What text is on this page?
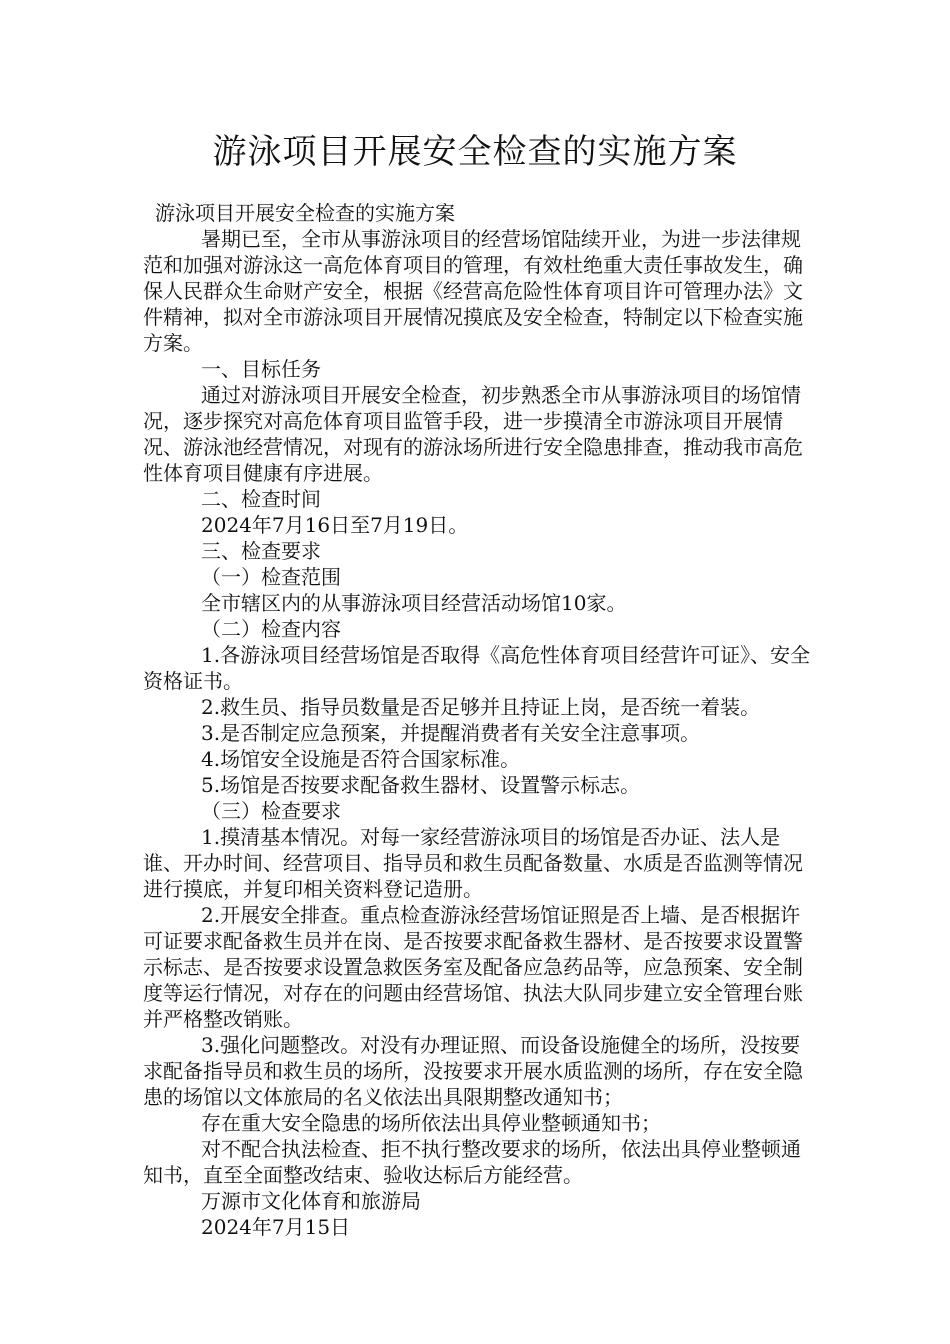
游泳项目开展安全检查的实施方案

游泳项目开展安全检查的实施方案

暑期已至，全市从事游泳项目的经营场馆陆续开业，为进一步法律规范和加强对游泳这一高危体育项目的管理，有效杜绝重大责任事故发生，确保人民群众生命财产安全，根据《经营高危险性体育项目许可管理办法》文件精神，拟对全市游泳项目开展情况摸底及安全检查，特制定以下检查实施方案。

一、目标任务

通过对游泳项目开展安全检查，初步熟悉全市从事游泳项目的场馆情况，逐步探究对高危体育项目监管手段，进一步摸清全市游泳项目开展情况、游泳池经营情况，对现有的游泳场所进行安全隐患排查，推动我市高危性体育项目健康有序进展。

二、检查时间

2024年7月16日至7月19日。

三、检查要求

（一）检查范围

全市辖区内的从事游泳项目经营活动场馆10家。

（二）检查内容

1.各游泳项目经营场馆是否取得《高危性体育项目经营许可证》、安全资格证书。

2.救生员、指导员数量是否足够并且持证上岗，是否统一着装。

3.是否制定应急预案，并提醒消费者有关安全注意事项。

4.场馆安全设施是否符合国家标准。

5.场馆是否按要求配备救生器材、设置警示标志。

（三）检查要求

1.摸清基本情况。对每一家经营游泳项目的场馆是否办证、法人是谁、开办时间、经营项目、指导员和救生员配备数量、水质是否监测等情况进行摸底，并复印相关资料登记造册。

2.开展安全排查。重点检查游泳经营场馆证照是否上墙、是否根据许可证要求配备救生员并在岗、是否按要求配备救生器材、是否按要求设置警示标志、是否按要求设置急救医务室及配备应急药品等，应急预案、安全制度等运行情况，对存在的问题由经营场馆、执法大队同步建立安全管理台账并严格整改销账。

3.强化问题整改。对没有办理证照、而设备设施健全的场所，没按要求配备指导员和救生员的场所，没按要求开展水质监测的场所，存在安全隐患的场馆以文体旅局的名义依法出具限期整改通知书；

存在重大安全隐患的场所依法出具停业整顿通知书；

对不配合执法检查、拒不执行整改要求的场所，依法出具停业整顿通知书，直至全面整改结束、验收达标后方能经营。

万源市文化体育和旅游局

2024年7月15日
